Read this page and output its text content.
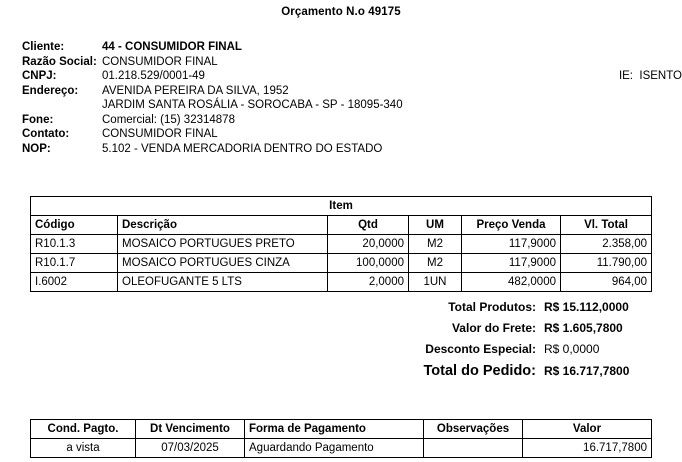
Orçamento N.o 49175
Cliente:	44 - CONSUMIDOR FINAL
Razão Social: CONSUMIDOR FINAL
CNPJ:	01.218.529/0001-49	IE: ISENTO
Endereço:	AVENIDA PEREIRA DA SILVA, 1952
JARDIM SANTA ROSÁLIA - SOROCABA - SP - 18095-340
Fone:	Comercial: (15) 32314878
Contato:	CONSUMIDOR FINAL
NOP:	5.102 - VENDA MERCADORIA DENTRO DO ESTADO
Item					
Código	Descrição	Qtd	UM	Preço Venda	Vl. Total
R10.1.3	MOSAICO PORTUGUES PRETO	20,0000	M2	117,9000	2.358,00
R10.1.7	MOSAICO PORTUGUES CINZA	100,0000	M2	117,9000	11.790,00
I.6002	OLEOFUGANTE 5 LTS	2,0000	1UN	482,0000	964,00
Total Produtos: R$ 15.112,0000
Valor do Frete: R$ 1.605,7800
Desconto Especial: R$ 0,0000
Total do Pedido: R$ 16.717,7800
Cond. Pagto.	Dt Vencimento	Forma de Pagamento	Observações	Valor
a vista	07/03/2025	Aguardando Pagamento		16.717,7800
